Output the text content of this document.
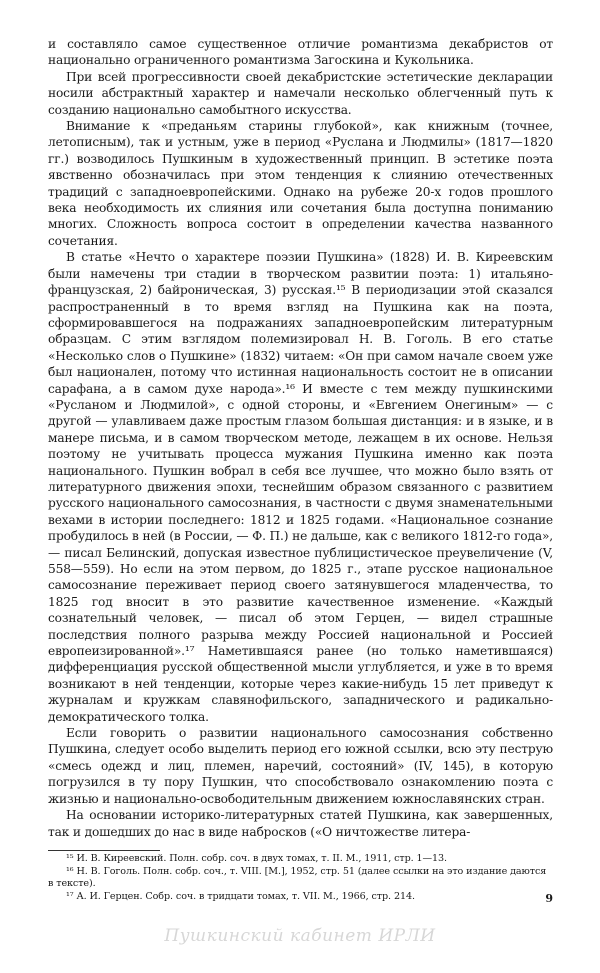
и составляло самое существенное отличие романтизма декабристов от национально ограниченного романтизма Загоскина и Кукольника.

При всей прогрессивности своей декабристские эстетические декларации носили абстрактный характер и намечали несколько облегченный путь к созданию национально самобытного искусства.

Внимание к «преданьям старины глубокой», как книжным (точнее, летописным), так и устным, уже в период «Руслана и Людмилы» (1817—1820 гг.) возводилось Пушкиным в художественный принцип. В эстетике поэта явственно обозначилась при этом тенденция к слиянию отечественных традиций с западноевропейскими. Однако на рубеже 20-х годов прошлого века необходимость их слияния или сочетания была доступна пониманию многих. Сложность вопроса состоит в определении качества названного сочетания.

В статье «Нечто о характере поэзии Пушкина» (1828) И. В. Киреевским были намечены три стадии в творческом развитии поэта: 1) итальяно-французская, 2) байроническая, 3) русская.¹⁵ В периодизации этой сказался распространенный в то время взгляд на Пушкина как на поэта, сформировавшегося на подражаниях западноевропейским литературным образцам. С этим взглядом полемизировал Н. В. Гоголь. В его статье «Несколько слов о Пушкине» (1832) читаем: «Он при самом начале своем уже был национален, потому что истинная национальность состоит не в описании сарафана, а в самом духе народа».¹⁶ И вместе с тем между пушкинскими «Русланом и Людмилой», с одной стороны, и «Евгением Онегиным» — с другой — улавливаем даже простым глазом большая дистанция: и в языке, и в манере письма, и в самом творческом методе, лежащем в их основе. Нельзя поэтому не учитывать процесса мужания Пушкина именно как поэта национального. Пушкин вобрал в себя все лучшее, что можно было взять от литературного движения эпохи, теснейшим образом связанного с развитием русского национального самосознания, в частности с двумя знаменательными вехами в истории последнего: 1812 и 1825 годами. «Национальное сознание пробудилось в ней (в России, — Ф. П.) не дальше, как с великого 1812-го года», — писал Белинский, допуская известное публицистическое преувеличение (V, 558—559). Но если на этом первом, до 1825 г., этапе русское национальное самосознание переживает период своего затянувшегося младенчества, то 1825 год вносит в это развитие качественное изменение. «Каждый сознательный человек, — писал об этом Герцен, — видел страшные последствия полного разрыва между Россией национальной и Россией европеизированной».¹⁷ Наметившаяся ранее (но только наметившаяся) дифференциация русской общественной мысли углубляется, и уже в то время возникают в ней тенденции, которые через какие-нибудь 15 лет приведут к журналам и кружкам славянофильского, западнического и радикально-демократического толка.

Если говорить о развитии национального самосознания собственно Пушкина, следует особо выделить период его южной ссылки, всю эту пеструю «смесь одежд и лиц, племен, наречий, состояний» (IV, 145), в которую погрузился в ту пору Пушкин, что способствовало ознакомлению поэта с жизнью и национально-освободительным движением южнославянских стран.

На основании историко-литературных статей Пушкина, как завершенных, так и дошедших до нас в виде набросков («О ничтожестве литера-

¹⁵ И. В. Киреевский. Полн. собр. соч. в двух томах, т. II. М., 1911, стр. 1—13.

¹⁶ Н. В. Гоголь. Полн. собр. соч., т. VIII. [М.], 1952, стр. 51 (далее ссылки на это издание даются в тексте).

¹⁷ А. И. Герцен. Собр. соч. в тридцати томах, т. VII. М., 1966, стр. 214.	9
Пушкинский кабинет ИРЛИ
